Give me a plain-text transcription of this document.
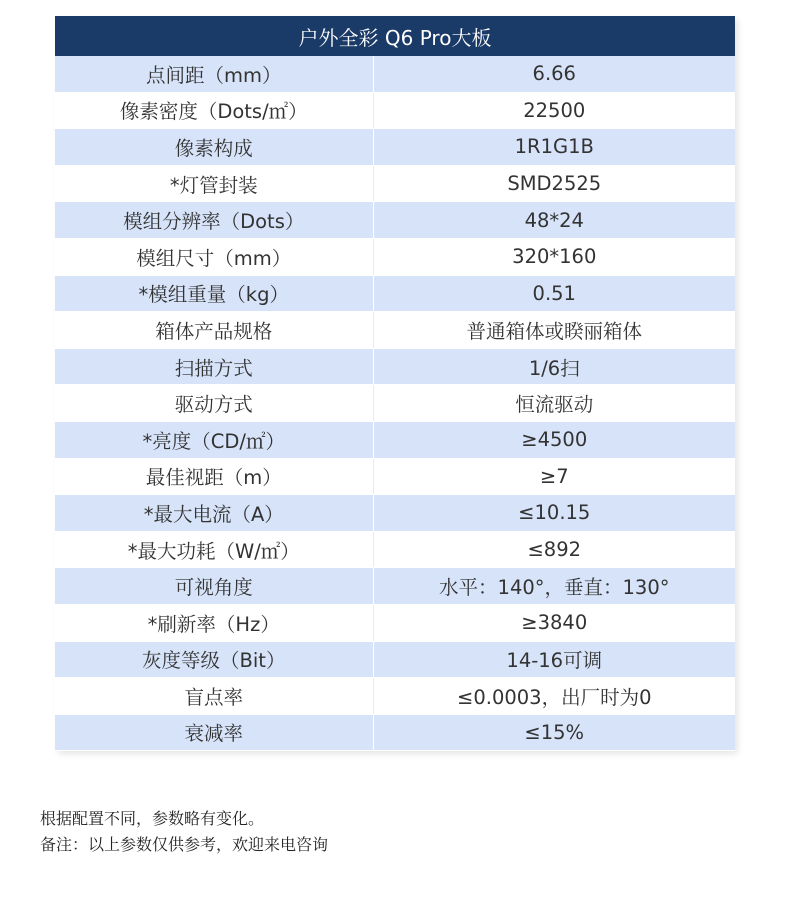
户外全彩 Q6 Pro大板	
点间距（mm）	6.66
像素密度（Dots/㎡）	22500
像素构成	1R1G1B
*灯管封装	SMD2525
模组分辨率（Dots）	48*24
模组尺寸（mm）	320*160
*模组重量（kg）	0.51
箱体产品规格	普通箱体或睽丽箱体
扫描方式	1/6扫
驱动方式	恒流驱动
*亮度（CD/㎡）	≥4500
最佳视距（m）	≥7
*最大电流（A）	≤10.15
*最大功耗（W/㎡）	≤892
可视角度	水平：140°，垂直：130°
*刷新率（Hz）	≥3840
灰度等级（Bit）	14-16可调
盲点率	≤0.0003，出厂时为0
衰减率	≤15%

根据配置不同，参数略有变化。

备注：以上参数仅供参考，欢迎来电咨询
